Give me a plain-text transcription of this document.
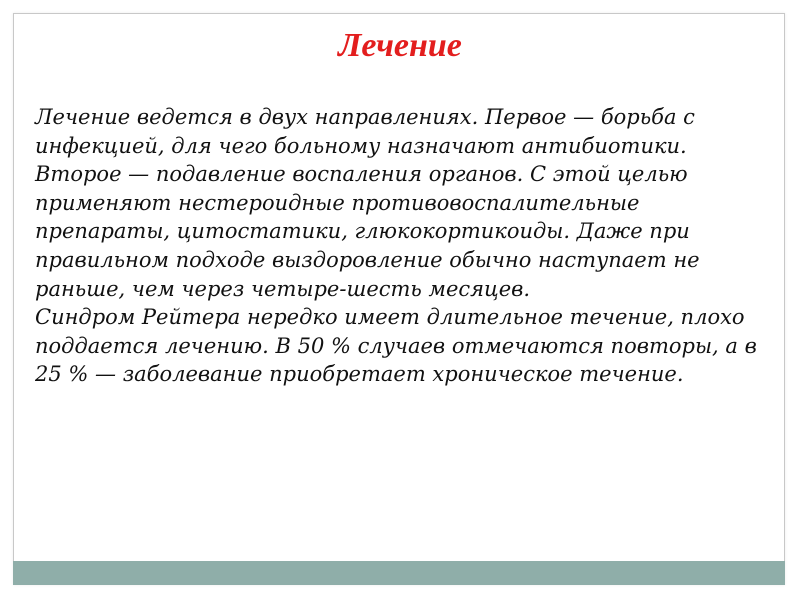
Лечение
Лечение ведется в двух направлениях. Первое — борьба с инфекцией, для чего больному назначают антибиотики. Второе — подавление воспаления органов. С этой целью применяют нестероидные противовоспалительные препараты, цитостатики, глюкокортикоиды. Даже при правильном подходе выздоровление обычно наступает не раньше, чем через четыре-шесть месяцев.
Синдром Рейтера нередко имеет длительное течение, плохо поддается лечению. В 50 % случаев отмечаются повторы, а в 25 % — заболевание приобретает хроническое течение.
